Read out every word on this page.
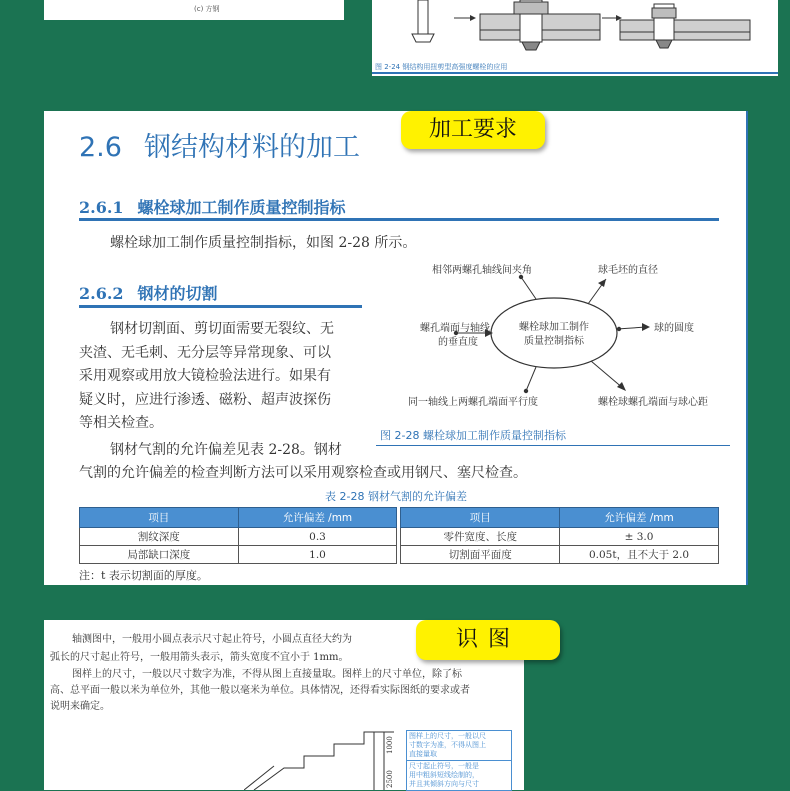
(c) 方钢
图 2-24 钢结构用扭剪型高强度螺栓的应用
2.6 钢结构材料的加工
加工要求
2.6.1 螺栓球加工制作质量控制指标
螺栓球加工制作质量控制指标，如图 2-28 所示。
2.6.2 钢材的切割
钢材切割面、剪切面需要无裂纹、无
夹渣、无毛刺、无分层等异常现象、可以
采用观察或用放大镜检验法进行。如果有
疑义时，应进行渗透、磁粉、超声波探伤
等相关检查。
钢材气割的允许偏差见表 2-28。钢材
气割的允许偏差的检查判断方法可以采用观察检查或用钢尺、塞尺检查。
螺栓球加工制作
质量控制指标
相邻两螺孔轴线间夹角	球毛坯的直径
螺孔端面与轴线
的垂直度
球的圆度
同一轴线上两螺孔端面平行度	螺栓球螺孔端面与球心距
图 2-28 螺栓球加工制作质量控制指标
表 2-28 钢材气割的允许偏差
项目	允许偏差 /mm		项目	允许偏差 /mm
割纹深度	0.3		零件宽度、长度	± 3.0
局部缺口深度	1.0		切割面平面度	0.05t，且不大于 2.0
注：t 表示切割面的厚度。
轴测图中，一般用小圆点表示尺寸起止符号，小圆点直径大约为
弧长的尺寸起止符号，一般用箭头表示，箭头宽度不宜小于 1mm。
图样上的尺寸，一般以尺寸数字为准，不得从图上直接量取。图样上的尺寸单位，除了标
高、总平面一般以米为单位外，其他一般以毫米为单位。具体情况，还得看实际图纸的要求或者
说明来确定。
识图
1000
2500
图样上的尺寸，一般以尺
寸数字为准，不得从图上
直接量取
尺寸起止符号，一般是
用中粗斜短线绘制的，
并且其倾斜方向与尺寸
